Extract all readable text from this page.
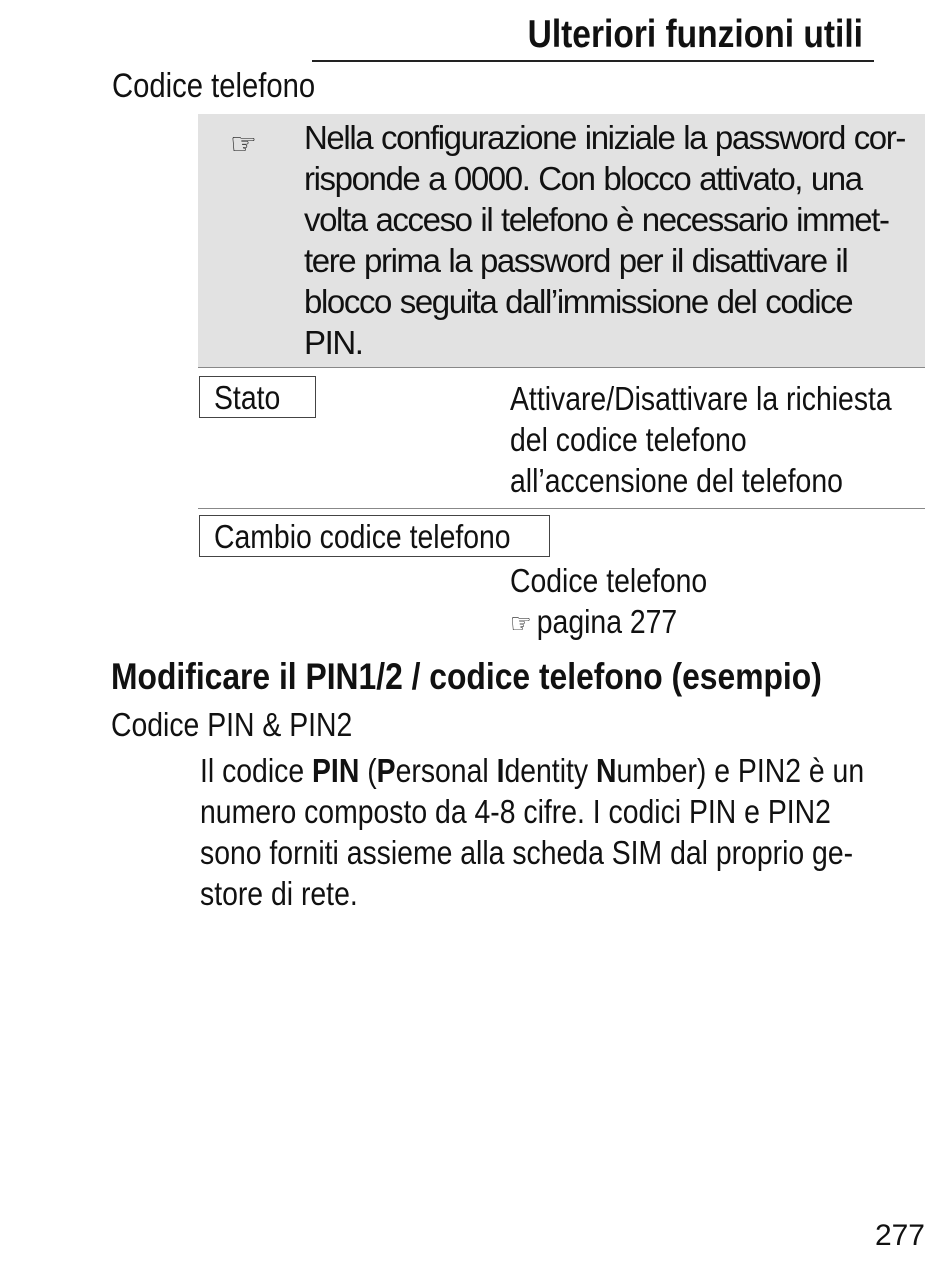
Ulteriori funzioni utili
Codice telefono
☞ Nella configurazione iniziale la password cor-
risponde a 0000. Con blocco attivato, una
volta acceso il telefono è necessario immet-
tere prima la password per il disattivare il
blocco seguita dall’immissione del codice
PIN.
Stato	Attivare/Disattivare la richiesta
del codice telefono
all’accensione del telefono
Cambio codice telefono
Codice telefono
☞ pagina 277
Modificare il PIN1/2 / codice telefono (esempio)
Codice PIN & PIN2
Il codice PIN (Personal Identity Number) e PIN2 è un
numero composto da 4-8 cifre. I codici PIN e PIN2
sono forniti assieme alla scheda SIM dal proprio ge-
store di rete.
277
